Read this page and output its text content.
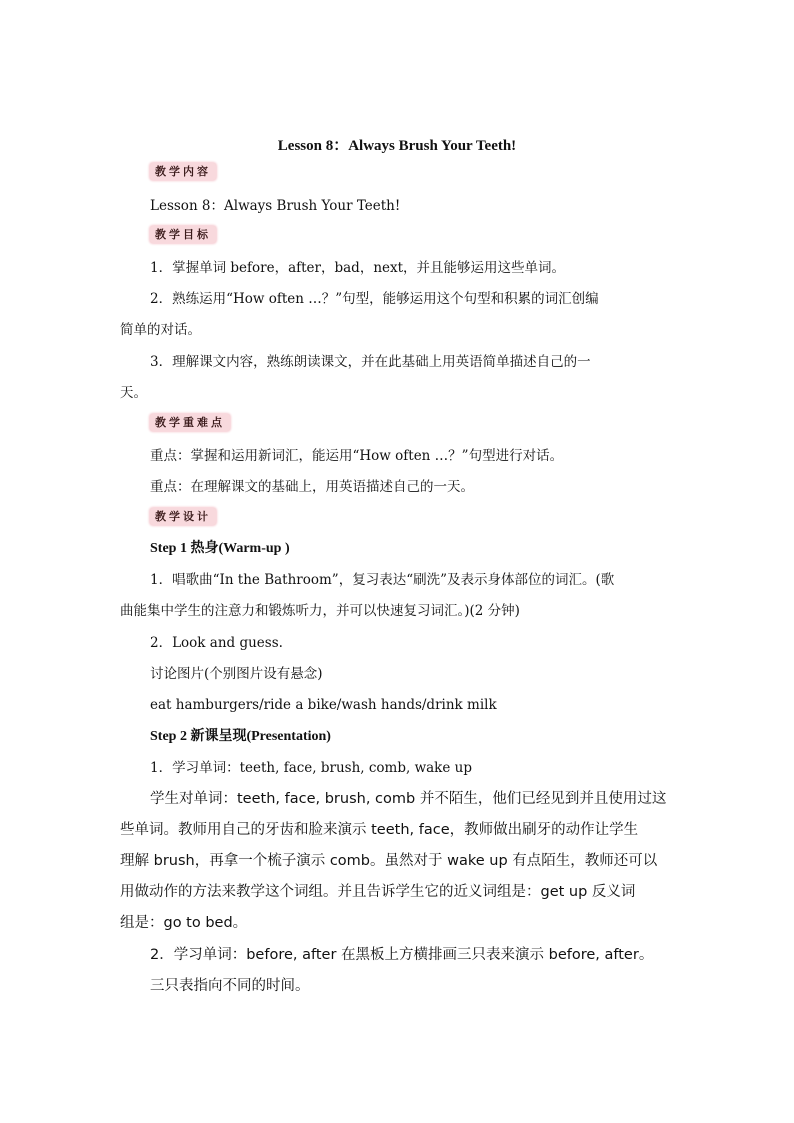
Lesson 8：Always Brush Your Teeth!
教学内容
Lesson 8：Always Brush Your Teeth!
教学目标
1．掌握单词 before，after，bad，next，并且能够运用这些单词。
2．熟练运用“How often …？”句型，能够运用这个句型和积累的词汇创编
简单的对话。
3．理解课文内容，熟练朗读课文，并在此基础上用英语简单描述自己的一
天。
教学重难点
重点：掌握和运用新词汇，能运用“How often …？”句型进行对话。
重点：在理解课文的基础上，用英语描述自己的一天。
教学设计
Step 1 热身(Warm-up )
1．唱歌曲“In the Bathroom”，复习表达“刷洗”及表示身体部位的词汇。(歌
曲能集中学生的注意力和锻炼听力，并可以快速复习词汇。)(2 分钟)
2．Look and guess.
讨论图片(个别图片设有悬念)
eat hamburgers/ride a bike/wash hands/drink milk
Step 2 新课呈现(Presentation)
1．学习单词：teeth, face, brush, comb, wake up
学生对单词：teeth, face, brush, comb 并不陌生，他们已经见到并且使用过这
些单词。教师用自己的牙齿和脸来演示 teeth, face，教师做出刷牙的动作让学生
理解 brush，再拿一个梳子演示 comb。虽然对于 wake up 有点陌生，教师还可以
用做动作的方法来教学这个词组。并且告诉学生它的近义词组是：get up 反义词
组是：go to bed。
2．学习单词：before, after 在黑板上方横排画三只表来演示 before, after。
三只表指向不同的时间。
